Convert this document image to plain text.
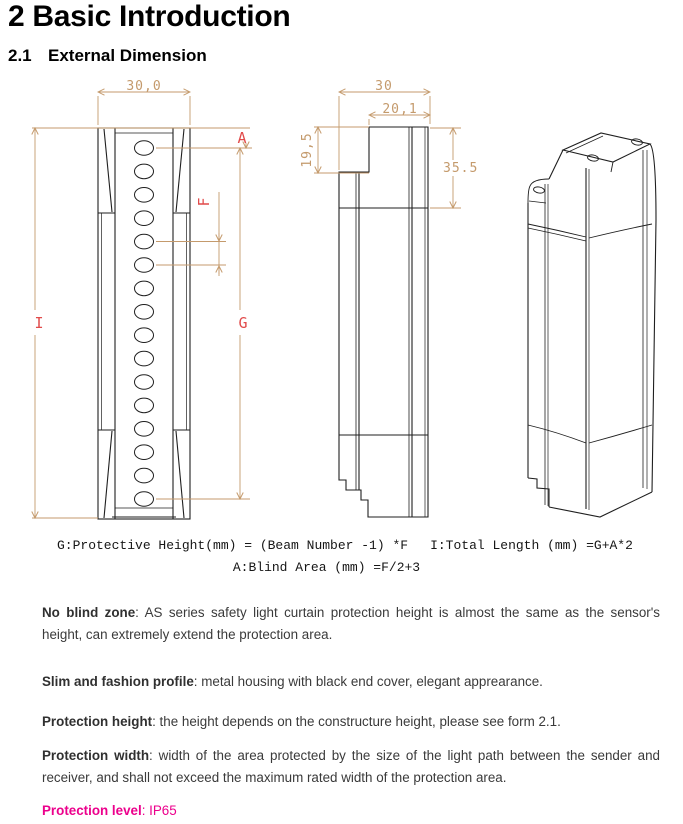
2 Basic Introduction
2.1 External Dimension
30,0
A
F
I	G
30
20,1
19,5
35.5
G:Protective Height(mm) = (Beam Number -1) *F I:Total Length (mm) =G+A*2
A:Blind Area (mm) =F/2+3

No blind zone: AS series safety light curtain protection height is almost the same as the sensor's height, can extremely extend the protection area.

Slim and fashion profile: metal housing with black end cover, elegant apprearance.

Protection height: the height depends on the constructure height, please see form 2.1.

Protection width: width of the area protected by the size of the light path between the sender and receiver, and shall not exceed the maximum rated width of the protection area.

Protection level: IP65
